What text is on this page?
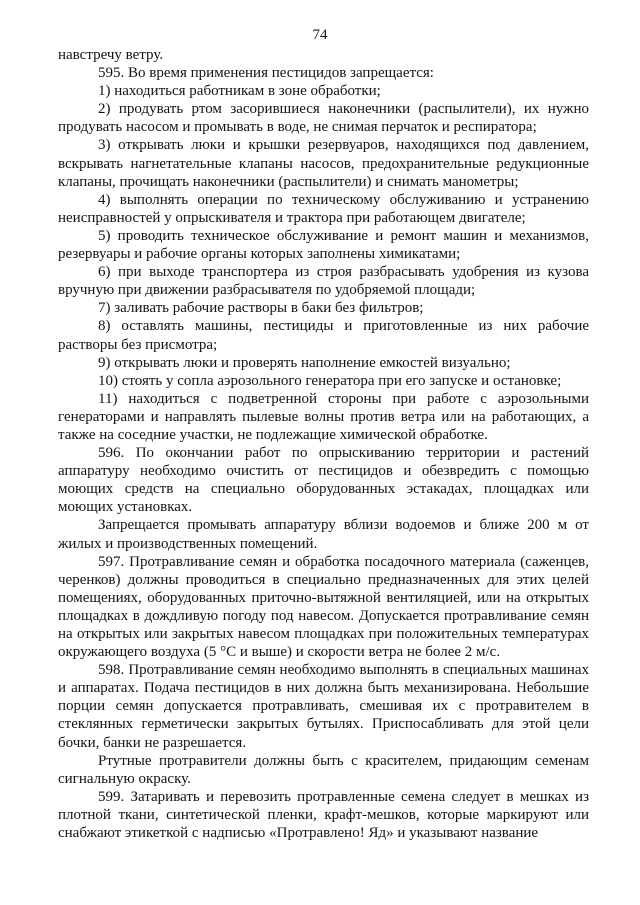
74

навстречу ветру.

595. Во время применения пестицидов запрещается:

1) находиться работникам в зоне обработки;

2) продувать ртом засорившиеся наконечники (распылители), их нужно продувать насосом и промывать в воде, не снимая перчаток и респиратора;

3) открывать люки и крышки резервуаров, находящихся под давлением, вскрывать нагнетательные клапаны насосов, предохранительные редукционные клапаны, прочищать наконечники (распылители) и снимать манометры;

4) выполнять операции по техническому обслуживанию и устранению неисправностей у опрыскивателя и трактора при работающем двигателе;

5) проводить техническое обслуживание и ремонт машин и механизмов, резервуары и рабочие органы которых заполнены химикатами;

6) при выходе транспортера из строя разбрасывать удобрения из кузова вручную при движении разбрасывателя по удобряемой площади;

7) заливать рабочие растворы в баки без фильтров;

8) оставлять машины, пестициды и приготовленные из них рабочие растворы без присмотра;

9) открывать люки и проверять наполнение емкостей визуально;

10) стоять у сопла аэрозольного генератора при его запуске и остановке;

11) находиться с подветренной стороны при работе с аэрозольными генераторами и направлять пылевые волны против ветра или на работающих, а также на соседние участки, не подлежащие химической обработке.

596. По окончании работ по опрыскиванию территории и растений аппаратуру необходимо очистить от пестицидов и обезвредить с помощью моющих средств на специально оборудованных эстакадах, площадках или моющих установках.

Запрещается промывать аппаратуру вблизи водоемов и ближе 200 м от жилых и производственных помещений.

597. Протравливание семян и обработка посадочного материала (саженцев, черенков) должны проводиться в специально предназначенных для этих целей помещениях, оборудованных приточно-вытяжной вентиляцией, или на открытых площадках в дождливую погоду под навесом. Допускается протравливание семян на открытых или закрытых навесом площадках при положительных температурах окружающего воздуха (5 °С и выше) и скорости ветра не более 2 м/с.

598. Протравливание семян необходимо выполнять в специальных машинах и аппаратах. Подача пестицидов в них должна быть механизирована. Небольшие порции семян допускается протравливать, смешивая их с протравителем в стеклянных герметически закрытых бутылях. Приспосабливать для этой цели бочки, банки не разрешается.

Ртутные протравители должны быть с красителем, придающим семенам сигнальную окраску.

599. Затаривать и перевозить протравленные семена следует в мешках из плотной ткани, синтетической пленки, крафт-мешков, которые маркируют или снабжают этикеткой с надписью «Протравлено! Яд» и указывают название
